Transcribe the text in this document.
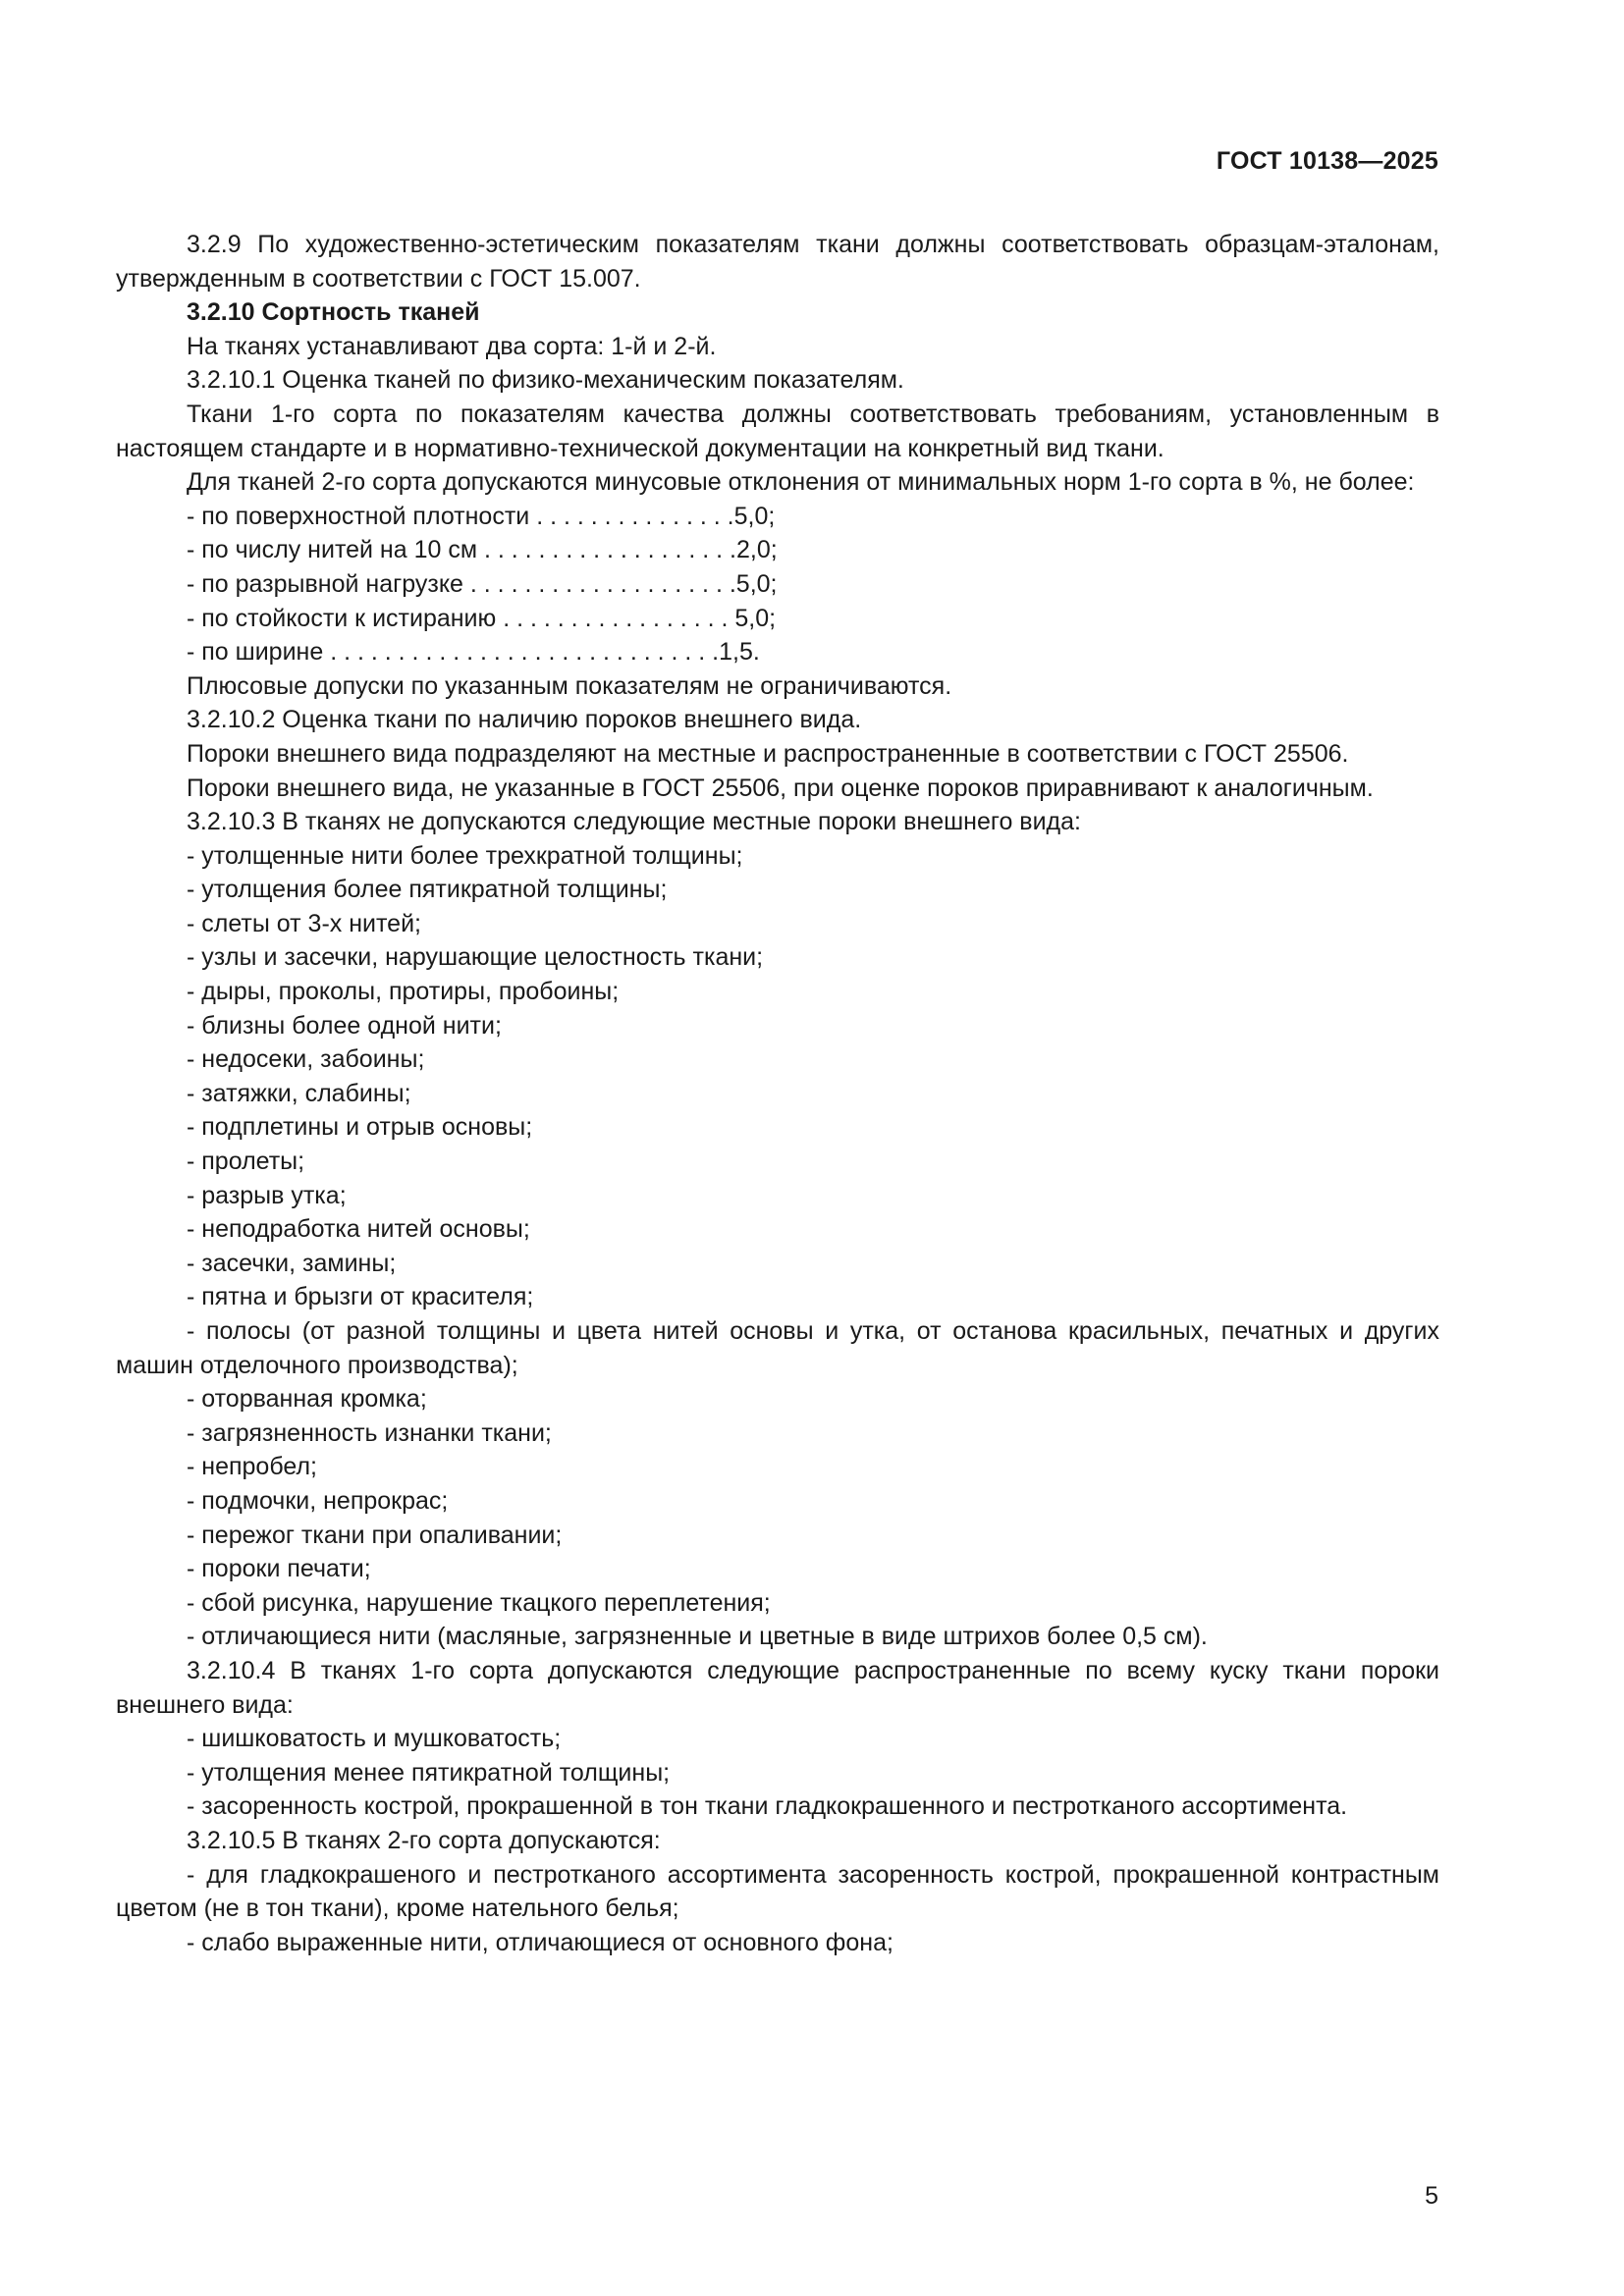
ГОСТ 10138—2025

3.2.9 По художественно-эстетическим показателям ткани должны соответствовать образцам-эталонам, утвержденным в соответствии с ГОСТ 15.007.

3.2.10 Сортность тканей

На тканях устанавливают два сорта: 1-й и 2-й.

3.2.10.1 Оценка тканей по физико-механическим показателям.

Ткани 1-го сорта по показателям качества должны соответствовать требованиям, установленным в настоящем стандарте и в нормативно-технической документации на конкретный вид ткани.

Для тканей 2-го сорта допускаются минусовые отклонения от минимальных норм 1-го сорта в %, не более:

- по поверхностной плотности . . . . . . . . . . . . . . .5,0;

- по числу нитей на 10 см . . . . . . . . . . . . . . . . . . .2,0;

- по разрывной нагрузке . . . . . . . . . . . . . . . . . . . .5,0;

- по стойкости к истиранию . . . . . . . . . . . . . . . . . 5,0;

- по ширине . . . . . . . . . . . . . . . . . . . . . . . . . . . . .1,5.

Плюсовые допуски по указанным показателям не ограничиваются.

3.2.10.2 Оценка ткани по наличию пороков внешнего вида.

Пороки внешнего вида подразделяют на местные и распространенные в соответствии с ГОСТ 25506.

Пороки внешнего вида, не указанные в ГОСТ 25506, при оценке пороков приравнивают к аналогичным.

3.2.10.3 В тканях не допускаются следующие местные пороки внешнего вида:

- утолщенные нити более трехкратной толщины;

- утолщения более пятикратной толщины;

- слеты от 3-х нитей;

- узлы и засечки, нарушающие целостность ткани;

- дыры, проколы, протиры, пробоины;

- близны более одной нити;

- недосеки, забоины;

- затяжки, слабины;

- подплетины и отрыв основы;

- пролеты;

- разрыв утка;

- неподработка нитей основы;

- засечки, замины;

- пятна и брызги от красителя;

- полосы (от разной толщины и цвета нитей основы и утка, от останова красильных, печатных и других машин отделочного производства);

- оторванная кромка;

- загрязненность изнанки ткани;

- непробел;

- подмочки, непрокрас;

- пережог ткани при опаливании;

- пороки печати;

- сбой рисунка, нарушение ткацкого переплетения;

- отличающиеся нити (масляные, загрязненные и цветные в виде штрихов более 0,5 см).

3.2.10.4 В тканях 1-го сорта допускаются следующие распространенные по всему куску ткани пороки внешнего вида:

- шишковатость и мушковатость;

- утолщения менее пятикратной толщины;

- засоренность кострой, прокрашенной в тон ткани гладкокрашенного и пестротканого ассортимента.

3.2.10.5 В тканях 2-го сорта допускаются:

- для гладкокрашеного и пестротканого ассортимента засоренность кострой, прокрашенной контрастным цветом (не в тон ткани), кроме нательного белья;

- слабо выраженные нити, отличающиеся от основного фона;

5
